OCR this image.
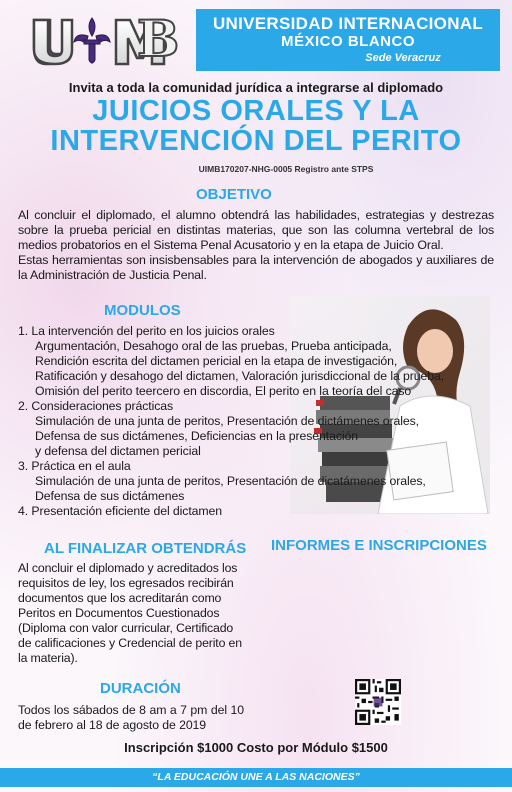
B	UNIVERSIDAD INTERNACIONAL
MÉXICO BLANCO
Sede Veracruz
Invita a toda la comunidad jurídica a integrarse al diplomado
JUICIOS ORALES Y LA
INTERVENCIÓN DEL PERITO
UIMB170207-NHG-0005 Registro ante STPS
OBJETIVO
Al concluir el diplomado, el alumno obtendrá las habilidades, estrategias y destrezas sobre la prueba pericial en distintas materias, que son las columna vertebral de los medios probatorios en el Sistema Penal Acusatorio y en la etapa de Juicio Oral.
Estas herramientas son insisbensables para la intervención de abogados y auxiliares de la Administración de Justicia Penal.
MODULOS
1. La intervención del perito en los juicios orales
Argumentación, Desahogo oral de las pruebas, Prueba anticipada,
Rendición escrita del dictamen pericial en la etapa de investigación,
Ratificación y desahogo del dictamen, Valoración jurisdiccional de la prueba,
Omisión del perito teercero en discordia, El perito en la teoría del caso
2. Consideraciones prácticas
Simulación de una junta de peritos, Presentación de dictámenes orales,
Defensa de sus dictámenes, Deficiencias en la presentación
y defensa del dictamen pericial
3. Práctica en el aula
Simulación de una junta de peritos, Presentación de dicatámenes orales,
Defensa de sus dictámenes
4. Presentación eficiente del dictamen
AL FINALIZAR OBTENDRÁS
Al concluir el diplomado y acreditados los requisitos de ley, los egresados recibirán documentos que los acreditarán como Peritos en Documentos Cuestionados (Diploma con valor curricular, Certificado de calificaciones y Credencial de perito en la materia).
INFORMES E INSCRIPCIONES
DURACIÓN
Todos los sábados de 8 am a 7 pm del 10 de febrero al 18 de agosto de 2019
Inscripción $1000 Costo por Módulo $1500
“LA EDUCACIÓN UNE A LAS NACIONES”
